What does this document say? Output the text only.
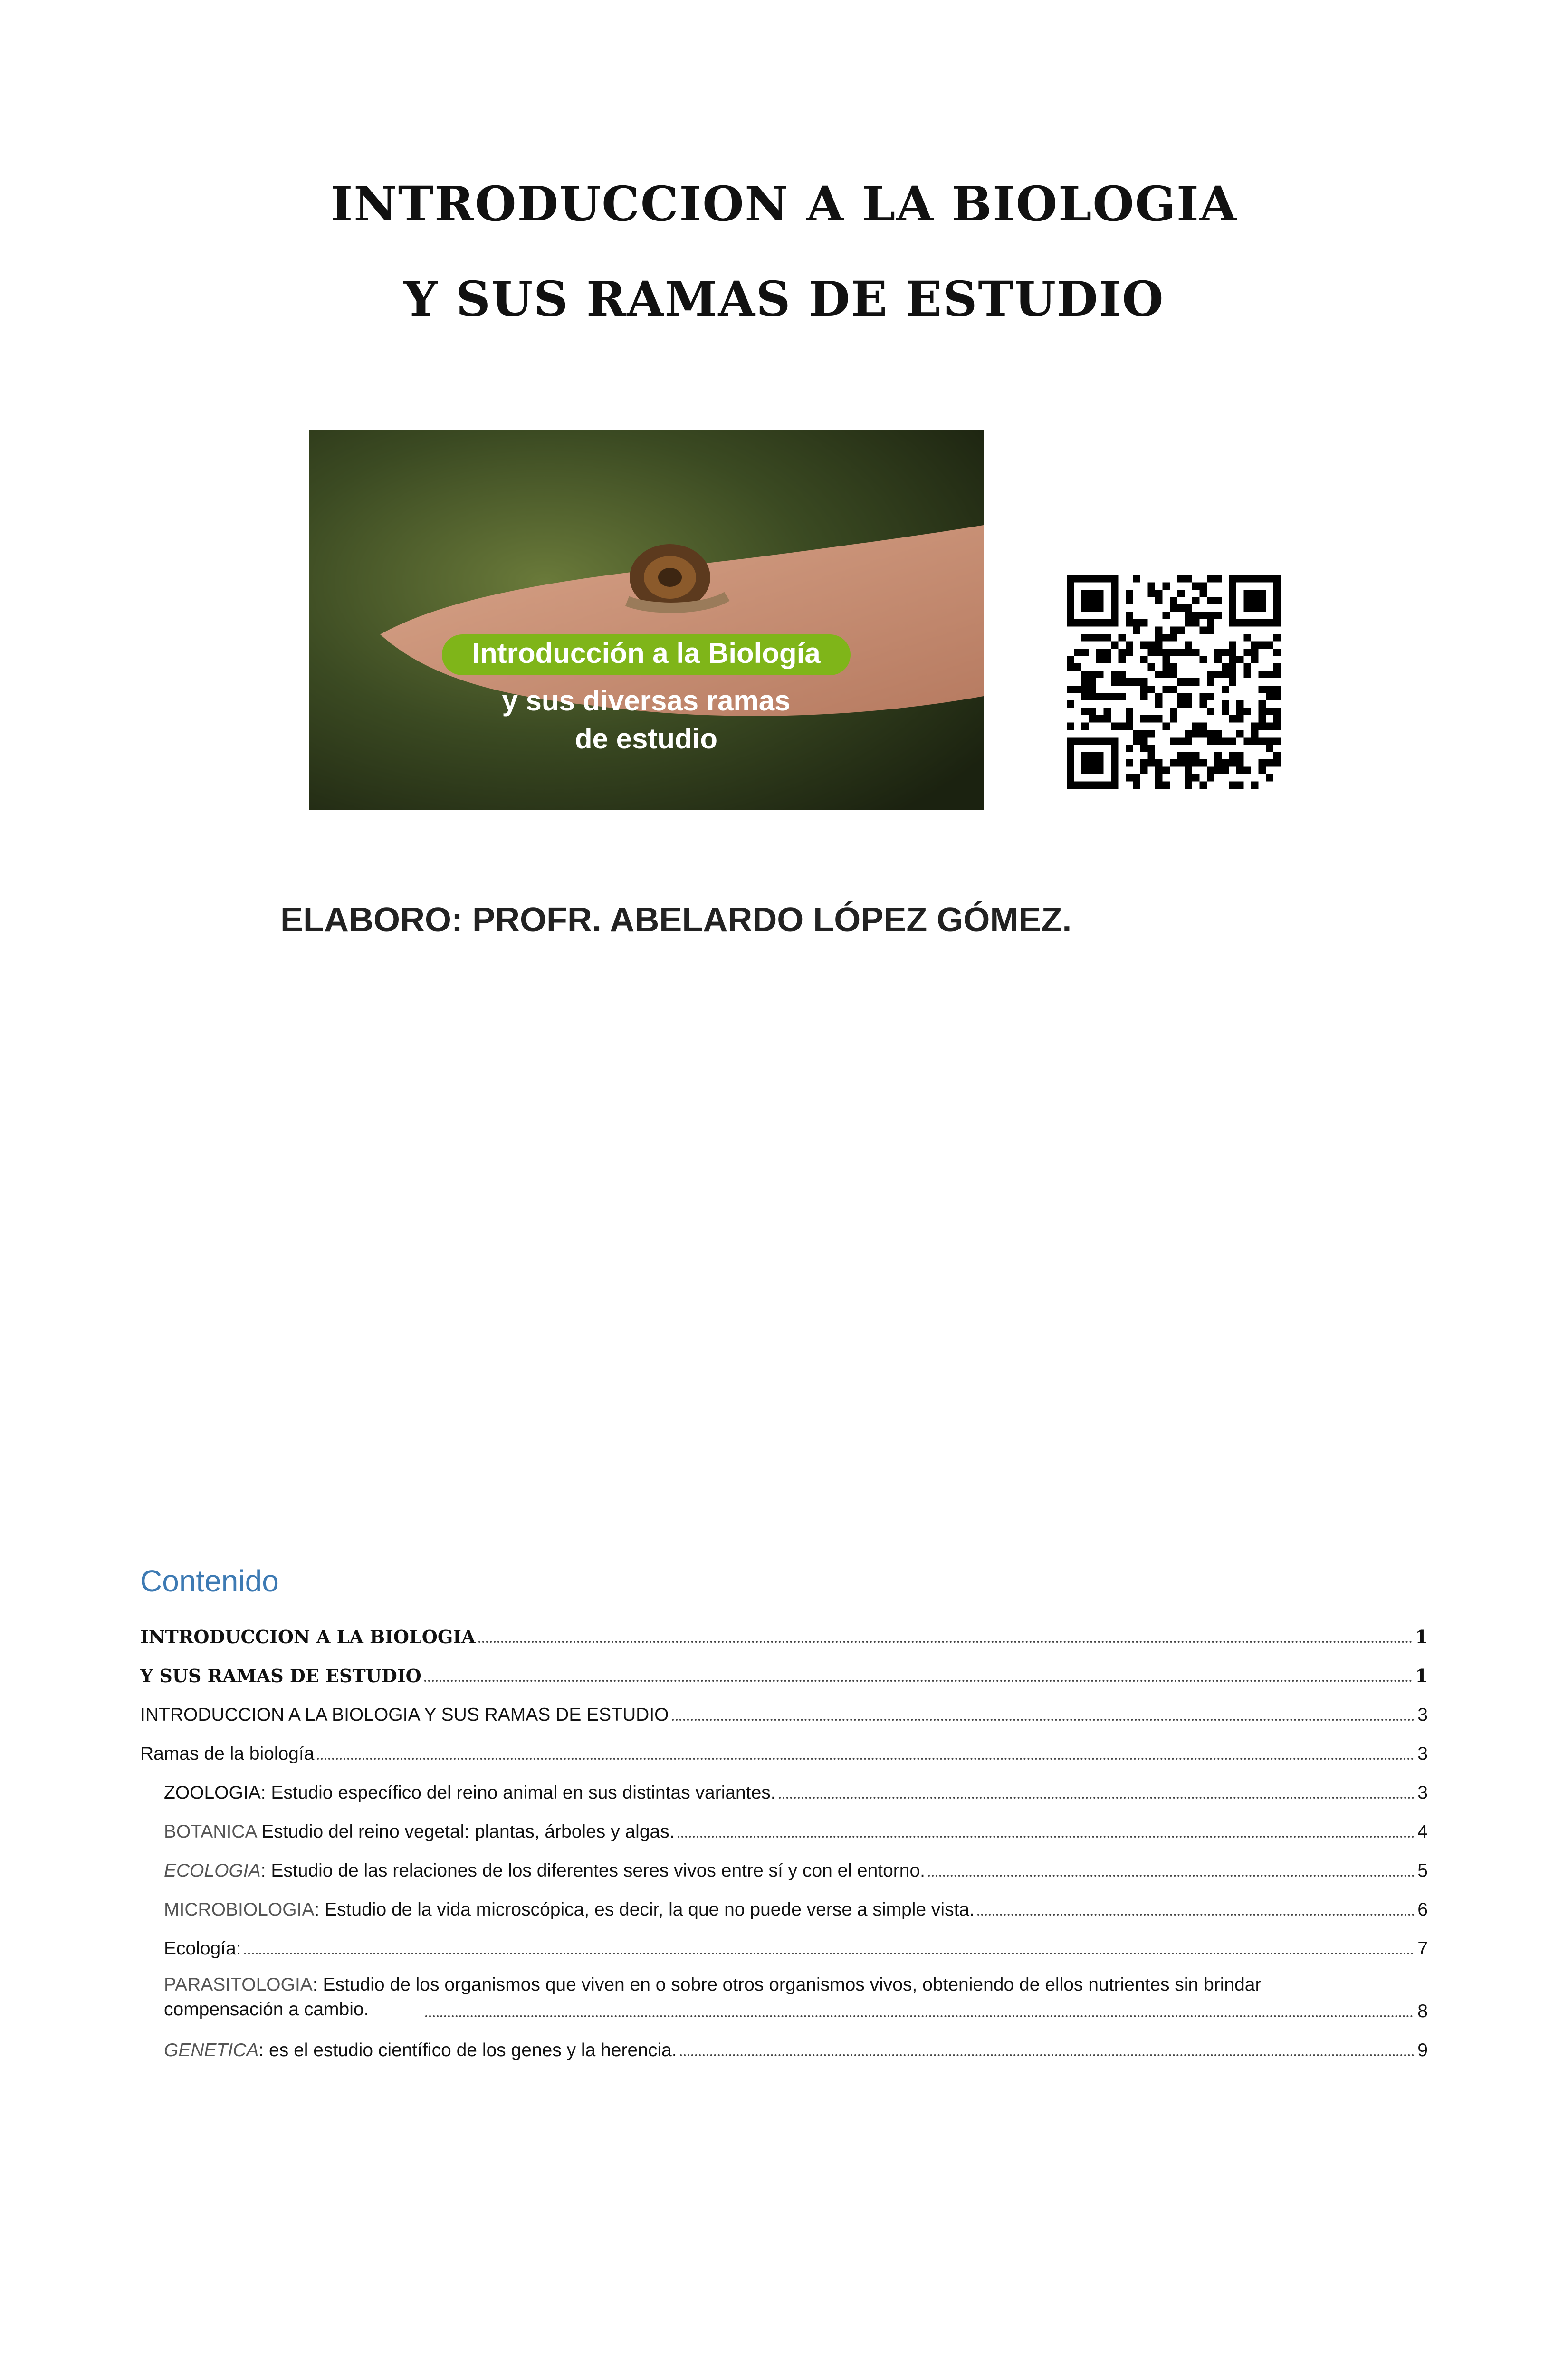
INTRODUCCION A LA BIOLOGIA
Y SUS RAMAS DE ESTUDIO
Introducción a la Biología
y sus diversas ramas
de estudio
ELABORO: PROFR. ABELARDO LÓPEZ GÓMEZ.
Contenido
INTRODUCCION A LA BIOLOGIA	1
Y SUS RAMAS DE ESTUDIO	1
INTRODUCCION A LA BIOLOGIA Y SUS RAMAS DE ESTUDIO	3
Ramas de la biología	3
ZOOLOGIA: Estudio específico del reino animal en sus distintas variantes.	3
BOTANICA Estudio del reino vegetal: plantas, árboles y algas.	4
ECOLOGIA: Estudio de las relaciones de los diferentes seres vivos entre sí y con el entorno.	5
MICROBIOLOGIA: Estudio de la vida microscópica, es decir, la que no puede verse a simple vista.	6
Ecología:	7
PARASITOLOGIA: Estudio de los organismos que viven en o sobre otros organismos vivos, obteniendo de ellos nutrientes sin brindar compensación a cambio.	8
GENETICA: es el estudio científico de los genes y la herencia.	9
